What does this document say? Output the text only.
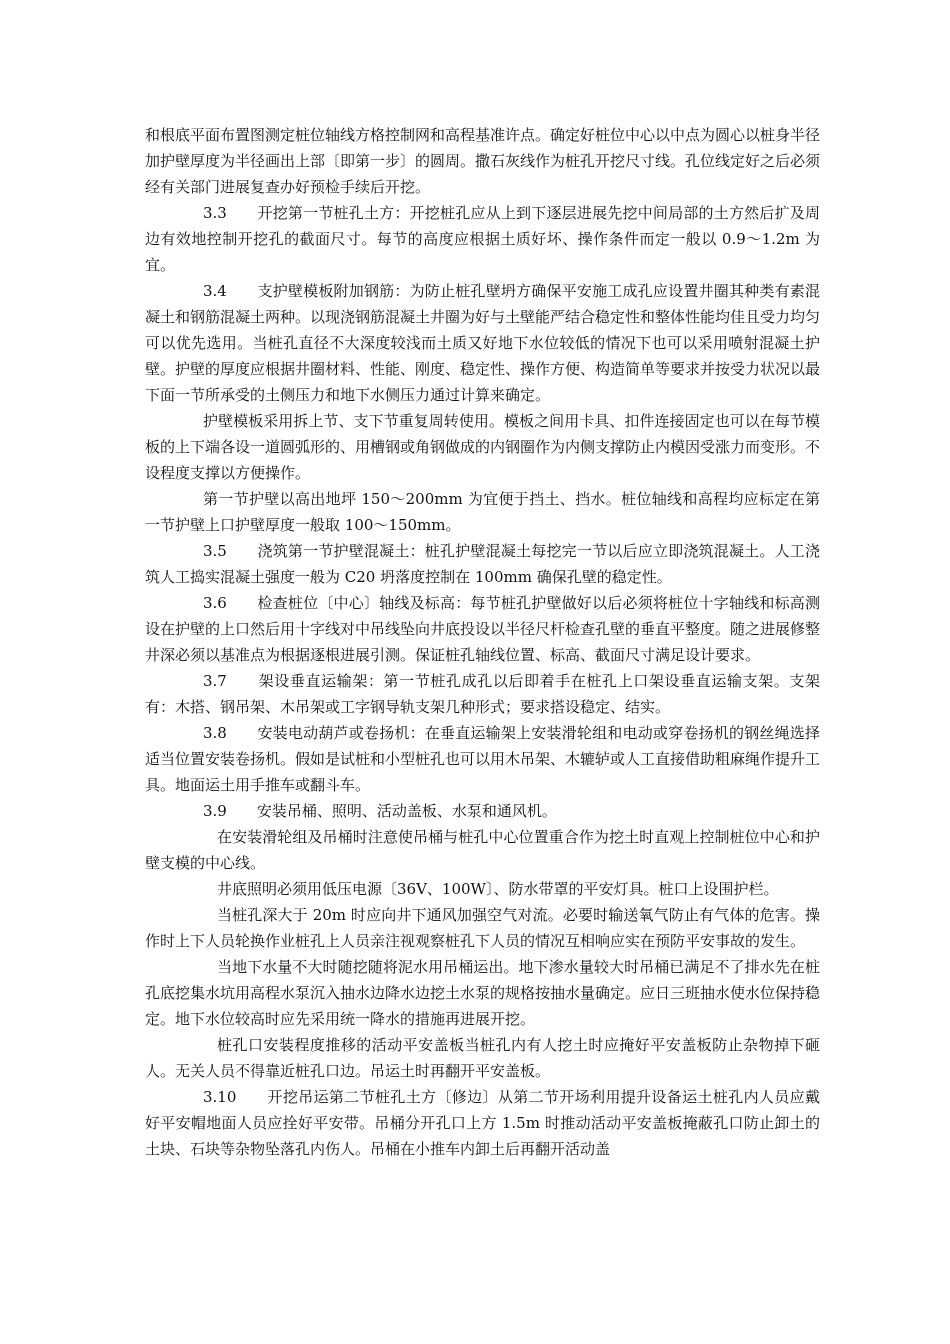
和根底平面布置图测定桩位轴线方格控制网和高程基准许点。确定好桩位中心以中点为圆心以桩身半径加护壁厚度为半径画出上部〔即第一步〕的圆周。撒石灰线作为桩孔开挖尺寸线。孔位线定好之后必须经有关部门进展复查办好预检手续后开挖。

3.3　　开挖第一节桩孔土方：开挖桩孔应从上到下逐层进展先挖中间局部的土方然后扩及周边有效地控制开挖孔的截面尺寸。每节的高度应根据土质好坏、操作条件而定一般以 0.9～1.2m 为宜。

3.4　　支护壁模板附加钢筋：为防止桩孔壁坍方确保平安施工成孔应设置井圈其种类有素混凝土和钢筋混凝土两种。以现浇钢筋混凝土井圈为好与土壁能严结合稳定性和整体性能均佳且受力均匀可以优先选用。当桩孔直径不大深度较浅而土质又好地下水位较低的情况下也可以采用喷射混凝土护壁。护壁的厚度应根据井圈材料、性能、刚度、稳定性、操作方便、构造简单等要求并按受力状况以最下面一节所承受的土侧压力和地下水侧压力通过计算来确定。

护壁模板采用拆上节、支下节重复周转使用。模板之间用卡具、扣件连接固定也可以在每节模板的上下端各设一道圆弧形的、用槽钢或角钢做成的内钢圈作为内侧支撑防止内模因受涨力而变形。不设程度支撑以方便操作。

第一节护壁以高出地坪 150～200mm 为宜便于挡土、挡水。桩位轴线和高程均应标定在第一节护壁上口护壁厚度一般取 100～150mm。

3.5　　浇筑第一节护壁混凝土：桩孔护壁混凝土每挖完一节以后应立即浇筑混凝土。人工浇筑人工捣实混凝土强度一般为 C20 坍落度控制在 100mm 确保孔壁的稳定性。

3.6　　检查桩位〔中心〕轴线及标高：每节桩孔护壁做好以后必须将桩位十字轴线和标高测设在护壁的上口然后用十字线对中吊线坠向井底投设以半径尺杆检查孔壁的垂直平整度。随之进展修整井深必须以基准点为根据逐根进展引测。保证桩孔轴线位置、标高、截面尺寸满足设计要求。

3.7　　架设垂直运输架：第一节桩孔成孔以后即着手在桩孔上口架设垂直运输支架。支架有：木搭、钢吊架、木吊架或工字钢导轨支架几种形式；要求搭设稳定、结实。

3.8　　安装电动葫芦或卷扬机：在垂直运输架上安装滑轮组和电动或穿卷扬机的钢丝绳选择适当位置安装卷扬机。假如是试桩和小型桩孔也可以用木吊架、木辘轳或人工直接借助粗麻绳作提升工具。地面运土用手推车或翻斗车。

3.9　　安装吊桶、照明、活动盖板、水泵和通风机。

在安装滑轮组及吊桶时注意使吊桶与桩孔中心位置重合作为挖土时直观上控制桩位中心和护壁支模的中心线。

井底照明必须用低压电源〔36V、100W〕、防水带罩的平安灯具。桩口上设围护栏。

当桩孔深大于 20m 时应向井下通风加强空气对流。必要时输送氧气防止有气体的危害。操作时上下人员轮换作业桩孔上人员亲注视观察桩孔下人员的情况互相响应实在预防平安事故的发生。

当地下水量不大时随挖随将泥水用吊桶运出。地下渗水量较大时吊桶已满足不了排水先在桩孔底挖集水坑用高程水泵沉入抽水边降水边挖土水泵的规格按抽水量确定。应日三班抽水使水位保持稳定。地下水位较高时应先采用统一降水的措施再进展开挖。

桩孔口安装程度推移的活动平安盖板当桩孔内有人挖土时应掩好平安盖板防止杂物掉下砸人。无关人员不得靠近桩孔口边。吊运土时再翻开平安盖板。

3.10　　开挖吊运第二节桩孔土方〔修边〕从第二节开场利用提升设备运土桩孔内人员应戴好平安帽地面人员应拴好平安带。吊桶分开孔口上方 1.5m 时推动活动平安盖板掩蔽孔口防止卸土的土块、石块等杂物坠落孔内伤人。吊桶在小推车内卸土后再翻开活动盖
